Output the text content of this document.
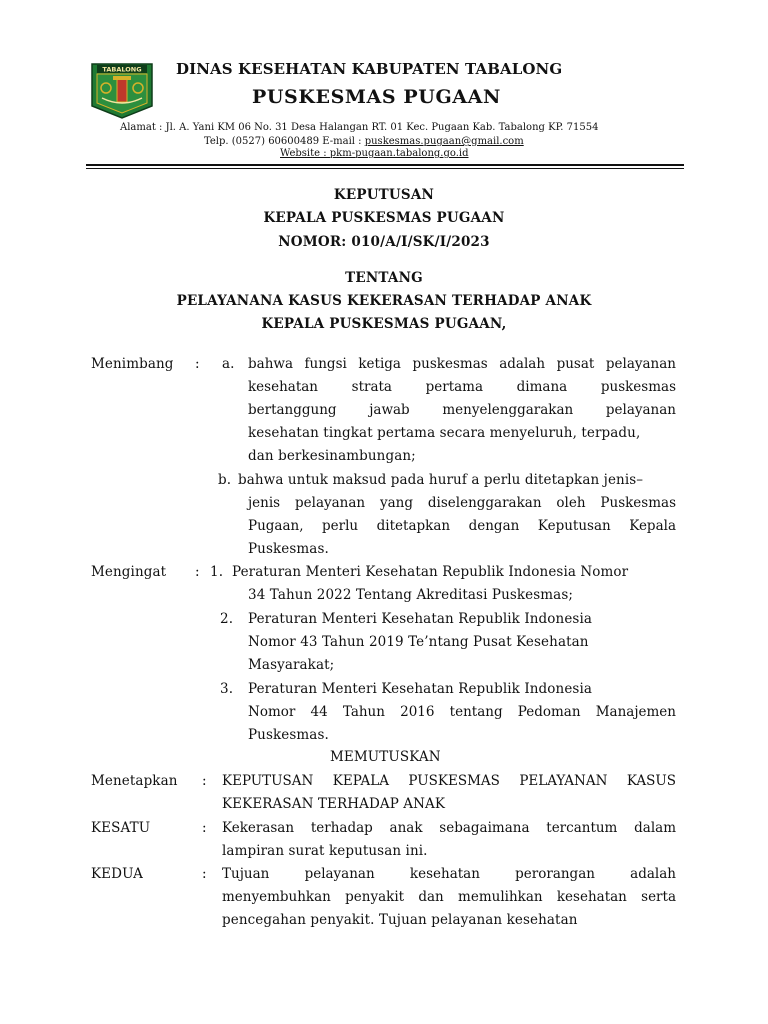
TABALONG DINAS KESEHATAN KABUPATEN TABALONG
PUSKESMAS PUGAAN
Alamat : Jl. A. Yani KM 06 No. 31 Desa Halangan RT. 01 Kec. Pugaan Kab. Tabalong KP. 71554
Telp. (0527) 60600489 E-mail : puskesmas.pugaan@gmail.com
Website : pkm-pugaan.tabalong.go.id
KEPUTUSAN
KEPALA PUSKESMAS PUGAAN
NOMOR: 010/A/I/SK/I/2023
TENTANG
PELAYANANA KASUS KEKERASAN TERHADAP ANAK
KEPALA PUSKESMAS PUGAAN,
Menimbang : a. bahwa fungsi ketiga puskesmas adalah pusat pelayanan
kesehatan strata pertama dimana puskesmas
bertanggung jawab menyelenggarakan pelayanan
kesehatan tingkat pertama secara menyeluruh, terpadu,
dan berkesinambungan;
b. bahwa untuk maksud pada huruf a perlu ditetapkan jenis–
jenis pelayanan yang diselenggarakan oleh Puskesmas
Pugaan, perlu ditetapkan dengan Keputusan Kepala
Puskesmas.
Mengingat : 1. Peraturan Menteri Kesehatan Republik Indonesia Nomor
34 Tahun 2022 Tentang Akreditasi Puskesmas;
2. Peraturan Menteri Kesehatan Republik Indonesia
Nomor 43 Tahun 2019 Te’ntang Pusat Kesehatan
Masyarakat;
3. Peraturan Menteri Kesehatan Republik Indonesia
Nomor 44 Tahun 2016 tentang Pedoman Manajemen
Puskesmas.
MEMUTUSKAN
Menetapkan : KEPUTUSAN KEPALA PUSKESMAS PELAYANAN KASUS
KEKERASAN TERHADAP ANAK
KESATU	: Kekerasan terhadap anak sebagaimana tercantum dalam
lampiran surat keputusan ini.
KEDUA	: Tujuan pelayanan kesehatan perorangan adalah
menyembuhkan penyakit dan memulihkan kesehatan serta
pencegahan penyakit. Tujuan pelayanan kesehatan
